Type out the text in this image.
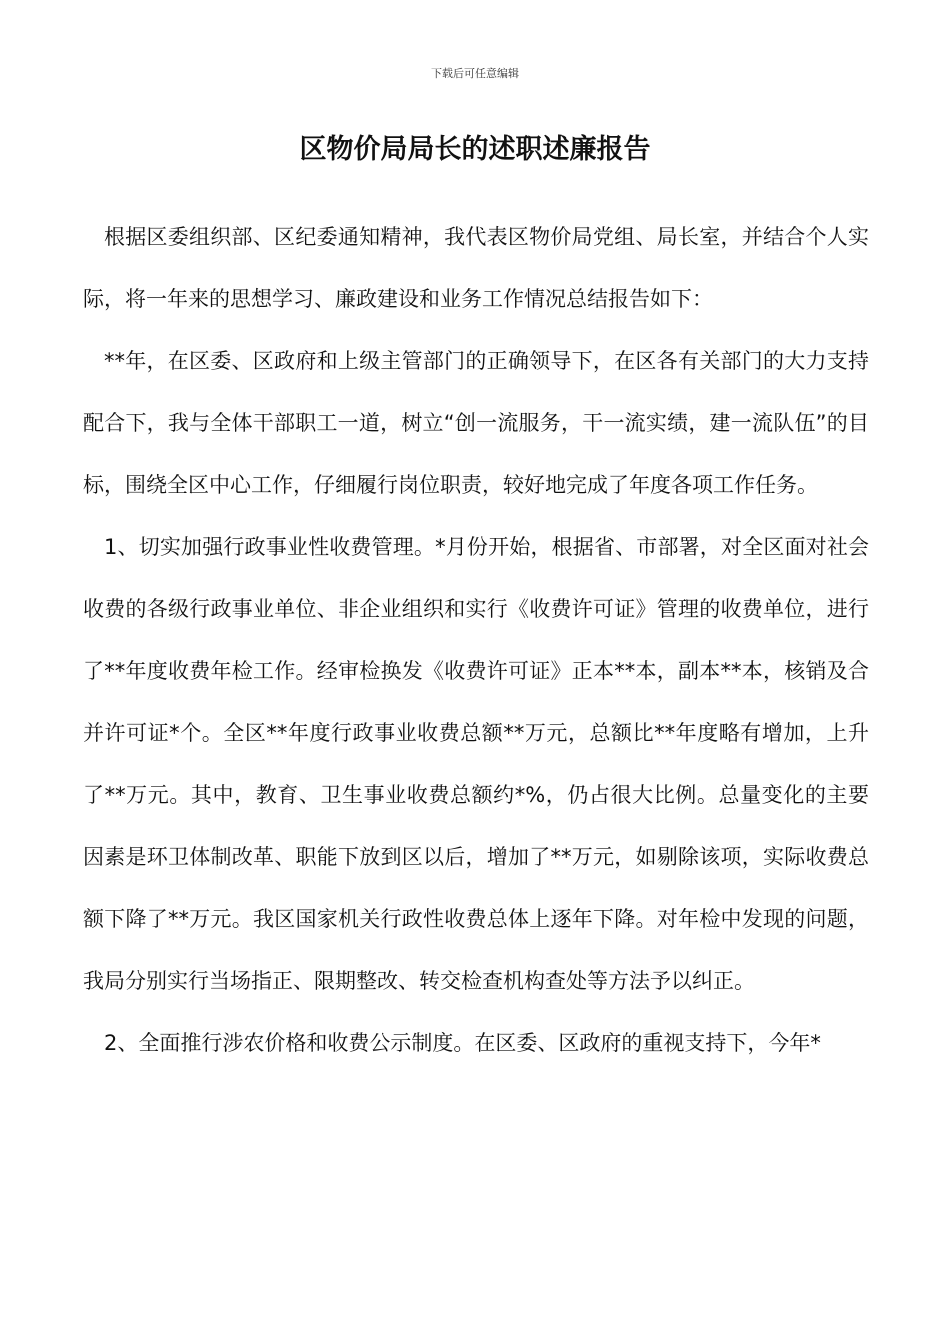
下载后可任意编辑
区物价局局长的述职述廉报告

根据区委组织部、区纪委通知精神，我代表区物价局党组、局长室，并结合个人实际，将一年来的思想学习、廉政建设和业务工作情况总结报告如下：

**年，在区委、区政府和上级主管部门的正确领导下，在区各有关部门的大力支持配合下，我与全体干部职工一道，树立“创一流服务，干一流实绩，建一流队伍”的目标，围绕全区中心工作，仔细履行岗位职责，较好地完成了年度各项工作任务。

1、切实加强行政事业性收费管理。*月份开始，根据省、市部署，对全区面对社会收费的各级行政事业单位、非企业组织和实行《收费许可证》管理的收费单位，进行了**年度收费年检工作。经审检换发《收费许可证》正本**本，副本**本，核销及合并许可证*个。全区**年度行政事业收费总额**万元，总额比**年度略有增加，上升了**万元。其中，教育、卫生事业收费总额约*%，仍占很大比例。总量变化的主要因素是环卫体制改革、职能下放到区以后，增加了**万元，如剔除该项，实际收费总额下降了**万元。我区国家机关行政性收费总体上逐年下降。对年检中发现的问题，我局分别实行当场指正、限期整改、转交检查机构查处等方法予以纠正。

2、全面推行涉农价格和收费公示制度。在区委、区政府的重视支持下，今年*
